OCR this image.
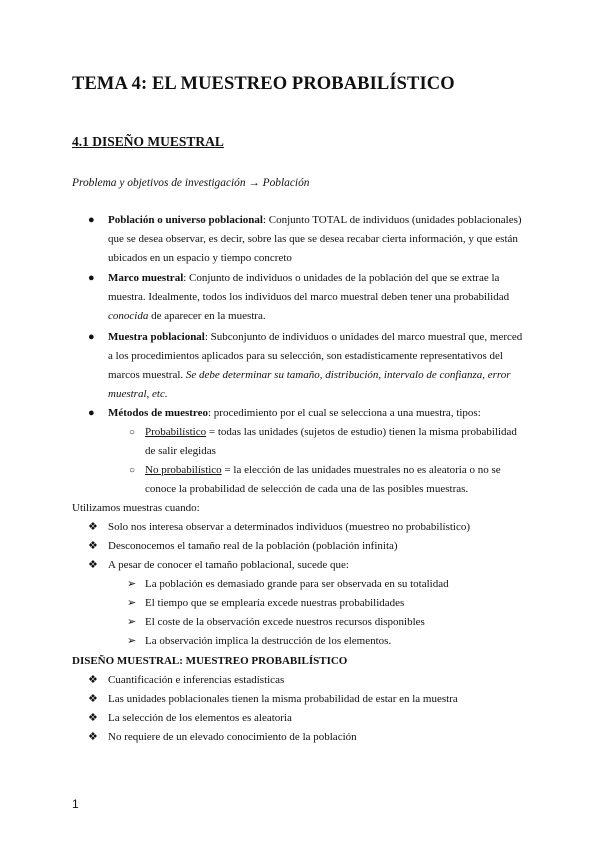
TEMA 4: EL MUESTREO PROBABILÍSTICO
4.1 DISEÑO MUESTRAL
Problema y objetivos de investigación → Población
●	Población o universo poblacional: Conjunto TOTAL de individuos (unidades poblacionales) que se desea observar, es decir, sobre las que se desea recabar cierta información, y que están ubicados en un espacio y tiempo concreto
●	Marco muestral: Conjunto de individuos o unidades de la población del que se extrae la muestra. Idealmente, todos los individuos del marco muestral deben tener una probabilidad conocida de aparecer en la muestra.
●	Muestra poblacional: Subconjunto de individuos o unidades del marco muestral que, merced a los procedimientos aplicados para su selección, son estadísticamente representativos del marcos muestral. Se debe determinar su tamaño, distribución, intervalo de confianza, error muestral, etc.
●	Métodos de muestreo: procedimiento por el cual se selecciona a una muestra, tipos:
○ Probabilístico = todas las unidades (sujetos de estudio) tienen la misma probabilidad de salir elegidas
○ No probabilístico = la elección de las unidades muestrales no es aleatoria o no se conoce la probabilidad de selección de cada una de las posibles muestras.
Utilizamos muestras cuando:
❖ Solo nos interesa observar a determinados individuos (muestreo no probabilístico)
❖ Desconocemos el tamaño real de la población (población infinita)
❖ A pesar de conocer el tamaño poblacional, sucede que:
➢ La población es demasiado grande para ser observada en su totalidad
➢ El tiempo que se emplearía excede nuestras probabilidades
➢ El coste de la observación excede nuestros recursos disponibles
➢ La observación implica la destrucción de los elementos.
DISEÑO MUESTRAL: MUESTREO PROBABILÍSTICO
❖ Cuantificación e inferencias estadísticas
❖ Las unidades poblacionales tienen la misma probabilidad de estar en la muestra
❖ La selección de los elementos es aleatoria
❖ No requiere de un elevado conocimiento de la población
1
